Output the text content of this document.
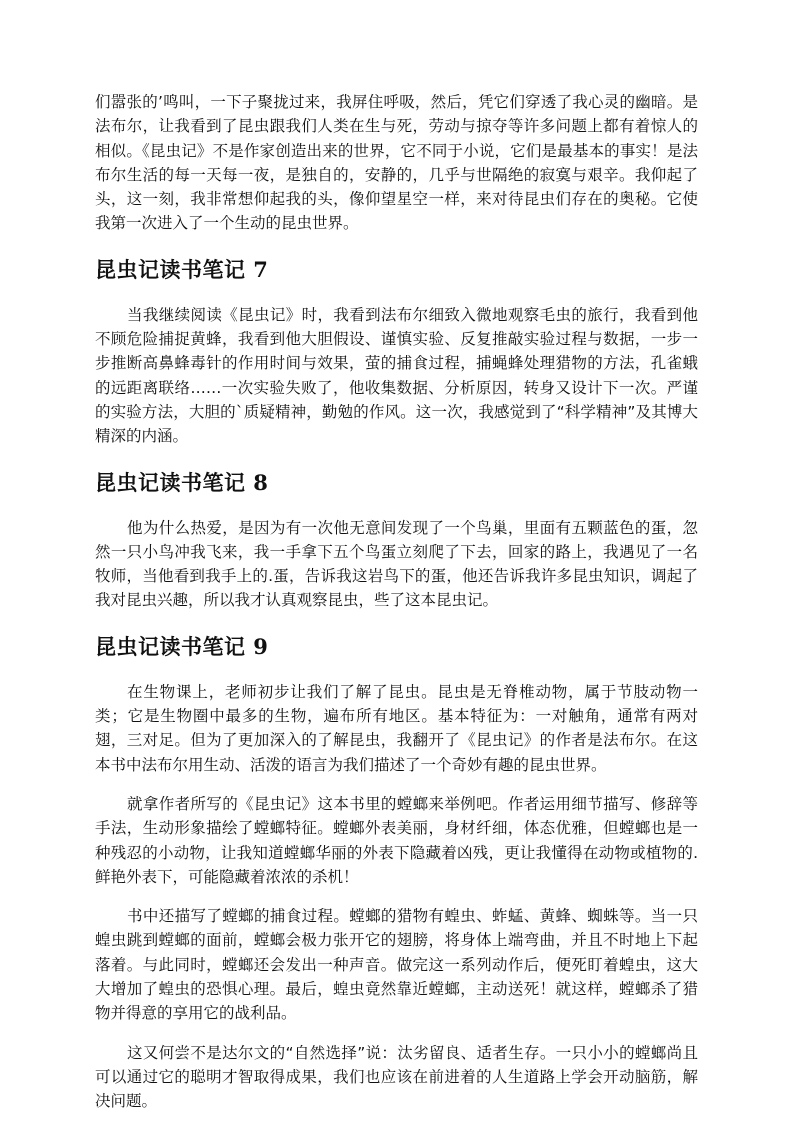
们嚣张的’鸣叫，一下子聚拢过来，我屏住呼吸，然后，凭它们穿透了我心灵的幽暗。是法布尔，让我看到了昆虫跟我们人类在生与死，劳动与掠夺等许多问题上都有着惊人的相似。《昆虫记》不是作家创造出来的世界，它不同于小说，它们是最基本的事实！是法布尔生活的每一天每一夜，是独自的，安静的，几乎与世隔绝的寂寞与艰辛。我仰起了头，这一刻，我非常想仰起我的头，像仰望星空一样，来对待昆虫们存在的奥秘。它使我第一次进入了一个生动的昆虫世界。

昆虫记读书笔记 7

当我继续阅读《昆虫记》时，我看到法布尔细致入微地观察毛虫的旅行，我看到他不顾危险捕捉黄蜂，我看到他大胆假设、谨慎实验、反复推敲实验过程与数据，一步一步推断高鼻蜂毒针的作用时间与效果，萤的捕食过程，捕蝇蜂处理猎物的方法，孔雀蛾的远距离联络……一次实验失败了，他收集数据、分析原因，转身又设计下一次。严谨的实验方法，大胆的`质疑精神，勤勉的作风。这一次，我感觉到了“科学精神”及其博大精深的内涵。

昆虫记读书笔记 8

他为什么热爱，是因为有一次他无意间发现了一个鸟巢，里面有五颗蓝色的蛋，忽然一只小鸟冲我飞来，我一手拿下五个鸟蛋立刻爬了下去，回家的路上，我遇见了一名牧师，当他看到我手上的.蛋，告诉我这岩鸟下的蛋，他还告诉我许多昆虫知识，调起了我对昆虫兴趣，所以我才认真观察昆虫，些了这本昆虫记。

昆虫记读书笔记 9

在生物课上，老师初步让我们了解了昆虫。昆虫是无脊椎动物，属于节肢动物一类；它是生物圈中最多的生物，遍布所有地区。基本特征为：一对触角，通常有两对翅，三对足。但为了更加深入的了解昆虫，我翻开了《昆虫记》的作者是法布尔。在这本书中法布尔用生动、活泼的语言为我们描述了一个奇妙有趣的昆虫世界。

就拿作者所写的《昆虫记》这本书里的螳螂来举例吧。作者运用细节描写、修辞等手法，生动形象描绘了螳螂特征。螳螂外表美丽，身材纤细，体态优雅，但螳螂也是一种残忍的小动物，让我知道螳螂华丽的外表下隐藏着凶残，更让我懂得在动物或植物的.鲜艳外表下，可能隐藏着浓浓的杀机！

书中还描写了螳螂的捕食过程。螳螂的猎物有蝗虫、蚱蜢、黄蜂、蜘蛛等。当一只蝗虫跳到螳螂的面前，螳螂会极力张开它的翅膀，将身体上端弯曲，并且不时地上下起落着。与此同时，螳螂还会发出一种声音。做完这一系列动作后，便死盯着蝗虫，这大大增加了蝗虫的恐惧心理。最后，蝗虫竟然靠近螳螂，主动送死！就这样，螳螂杀了猎物并得意的享用它的战利品。

这又何尝不是达尔文的“自然选择”说：汰劣留良、适者生存。一只小小的螳螂尚且可以通过它的聪明才智取得成果，我们也应该在前进着的人生道路上学会开动脑筋，解决问题。
